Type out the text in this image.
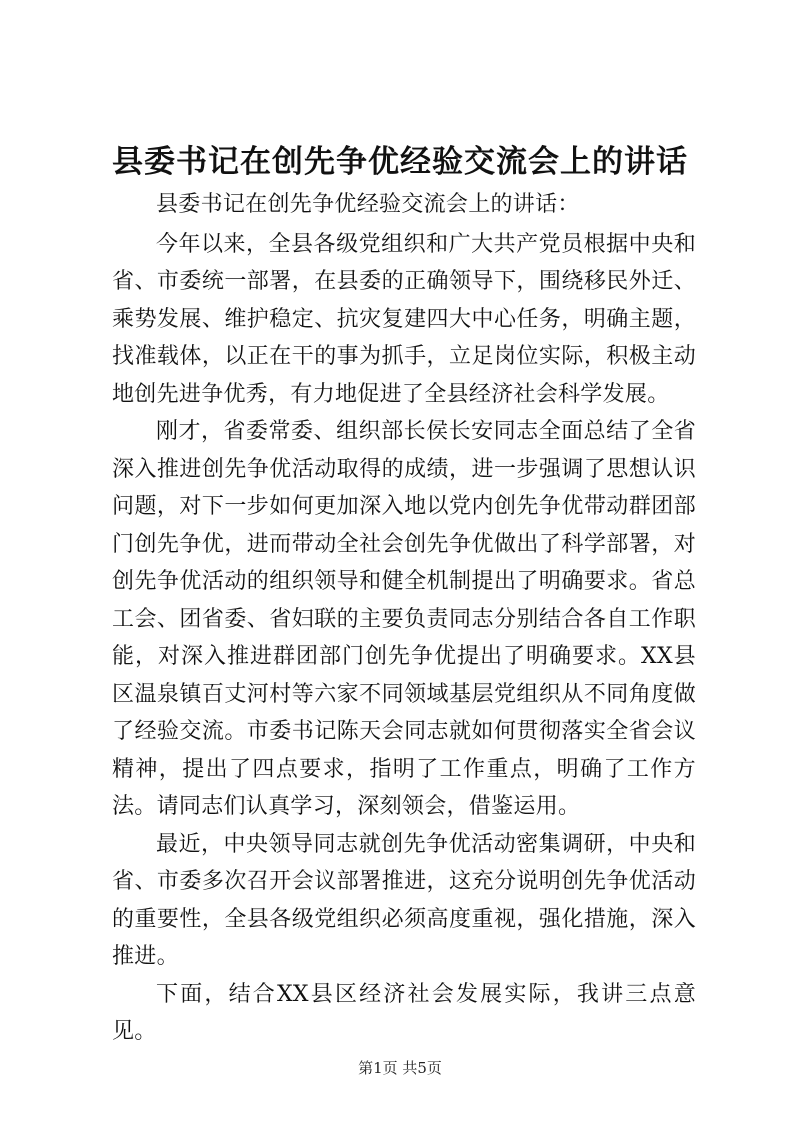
县委书记在创先争优经验交流会上的讲话

县委书记在创先争优经验交流会上的讲话：

今年以来，全县各级党组织和广大共产党员根据中央和省、市委统一部署，在县委的正确领导下，围绕移民外迁、乘势发展、维护稳定、抗灾复建四大中心任务，明确主题，找准载体，以正在干的事为抓手，立足岗位实际，积极主动地创先进争优秀，有力地促进了全县经济社会科学发展。

刚才，省委常委、组织部长侯长安同志全面总结了全省深入推进创先争优活动取得的成绩，进一步强调了思想认识问题，对下一步如何更加深入地以党内创先争优带动群团部门创先争优，进而带动全社会创先争优做出了科学部署，对创先争优活动的组织领导和健全机制提出了明确要求。省总工会、团省委、省妇联的主要负责同志分别结合各自工作职能，对深入推进群团部门创先争优提出了明确要求。XX县区温泉镇百丈河村等六家不同领域基层党组织从不同角度做了经验交流。市委书记陈天会同志就如何贯彻落实全省会议精神，提出了四点要求，指明了工作重点，明确了工作方法。请同志们认真学习，深刻领会，借鉴运用。

最近，中央领导同志就创先争优活动密集调研，中央和省、市委多次召开会议部署推进，这充分说明创先争优活动的重要性，全县各级党组织必须高度重视，强化措施，深入推进。

下面，结合XX县区经济社会发展实际，我讲三点意见。

第1页 共5页
